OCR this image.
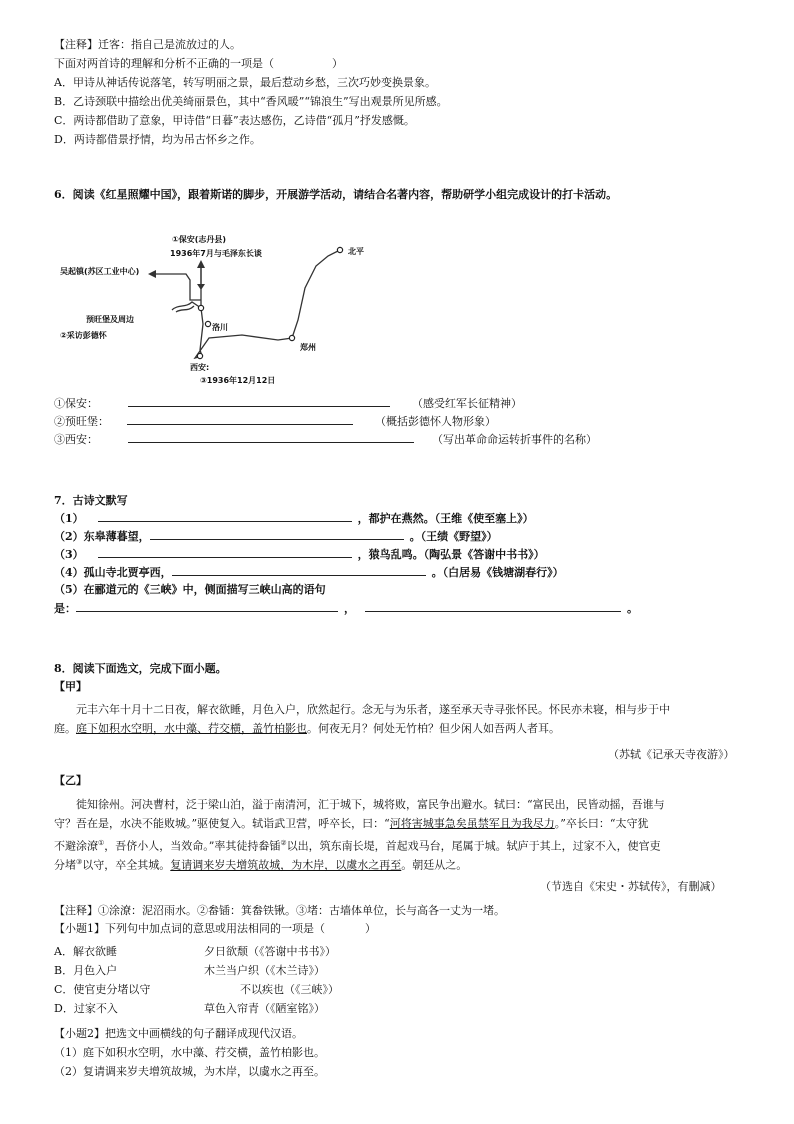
【注释】迁客：指自己是流放过的人。
下面对两首诗的理解和分析不正确的一项是（	）
A．甲诗从神话传说落笔，转写明丽之景，最后惹动乡愁，三次巧妙变换景象。
B．乙诗颈联中描绘出优美绮丽景色，其中“香风暖”“锦浪生”写出观景所见所感。
C．两诗都借助了意象，甲诗借“日暮”表达感伤，乙诗借“孤月”抒发感慨。
D．两诗都借景抒情，均为吊古怀乡之作。
6．阅读《红星照耀中国》，跟着斯诺的脚步，开展游学活动，请结合名著内容，帮助研学小组完成设计的打卡活动。
①保安(志丹县)
1936年7月与毛泽东长谈
吴起镇(苏区工业中心)
预旺堡及周边
②采访彭德怀
洛川
西安:
③1936年12月12日
郑州
北平
①保安：	（感受红军长征精神）
②预旺堡：	（概括彭德怀人物形象）
③西安：	（写出革命命运转折事件的名称）
7．古诗文默写
（1）	，都护在燕然。（王维《使至塞上》）
（2）东皋薄暮望，	。（王绩《野望》）
（3）	，猿鸟乱鸣。（陶弘景《答谢中书书》）
（4）孤山寺北贾亭西，	。（白居易《钱塘湖春行》）
（5）在郦道元的《三峡》中，侧面描写三峡山高的语句
是：	，	。
8．阅读下面选文，完成下面小题。
【甲】
元丰六年十月十二日夜，解衣欲睡，月色入户，欣然起行。念无与为乐者，遂至承天寺寻张怀民。怀民亦未寝，相与步于中
庭。庭下如积水空明，水中藻、荇交横，盖竹柏影也。何夜无月？何处无竹柏？但少闲人如吾两人者耳。
（苏轼《记承天寺夜游》）
【乙】
徙知徐州。河决曹村，泛于梁山泊，溢于南清河，汇于城下，城将败，富民争出避水。轼曰：“富民出，民皆动摇，吾谁与
守？吾在是，水决不能败城。”驱使复入。轼诣武卫营，呼卒长，曰：“河将害城事急矣虽禁军且为我尽力。”卒长曰：“太守犹
不避涂潦①，吾侪小人，当效命。”率其徒持畚锸②以出，筑东南长堤，首起戏马台，尾属于城。轼庐于其上，过家不入，使官吏
分堵③以守，卒全其城。复请调来岁夫增筑故城，为木岸，以虞水之再至。朝廷从之。
（节选自《宋史・苏轼传》，有删减）
【注释】①涂潦：泥沼雨水。②畚锸：箕畚铁锹。③堵：古墙体单位，长与高各一丈为一堵。
【小题1】下列句中加点词的意思或用法相同的一项是（	）
A．解衣欲睡	夕日欲颓（《答谢中书书》）
B．月色入户	木兰当户织（《木兰诗》）
C．使官吏分堵以守	不以疾也（《三峡》）
D．过家不入	草色入帘青（《陋室铭》）
【小题2】把选文中画横线的句子翻译成现代汉语。
（1）庭下如积水空明，水中藻、荇交横，盖竹柏影也。
（2）复请调来岁夫增筑故城，为木岸，以虞水之再至。
